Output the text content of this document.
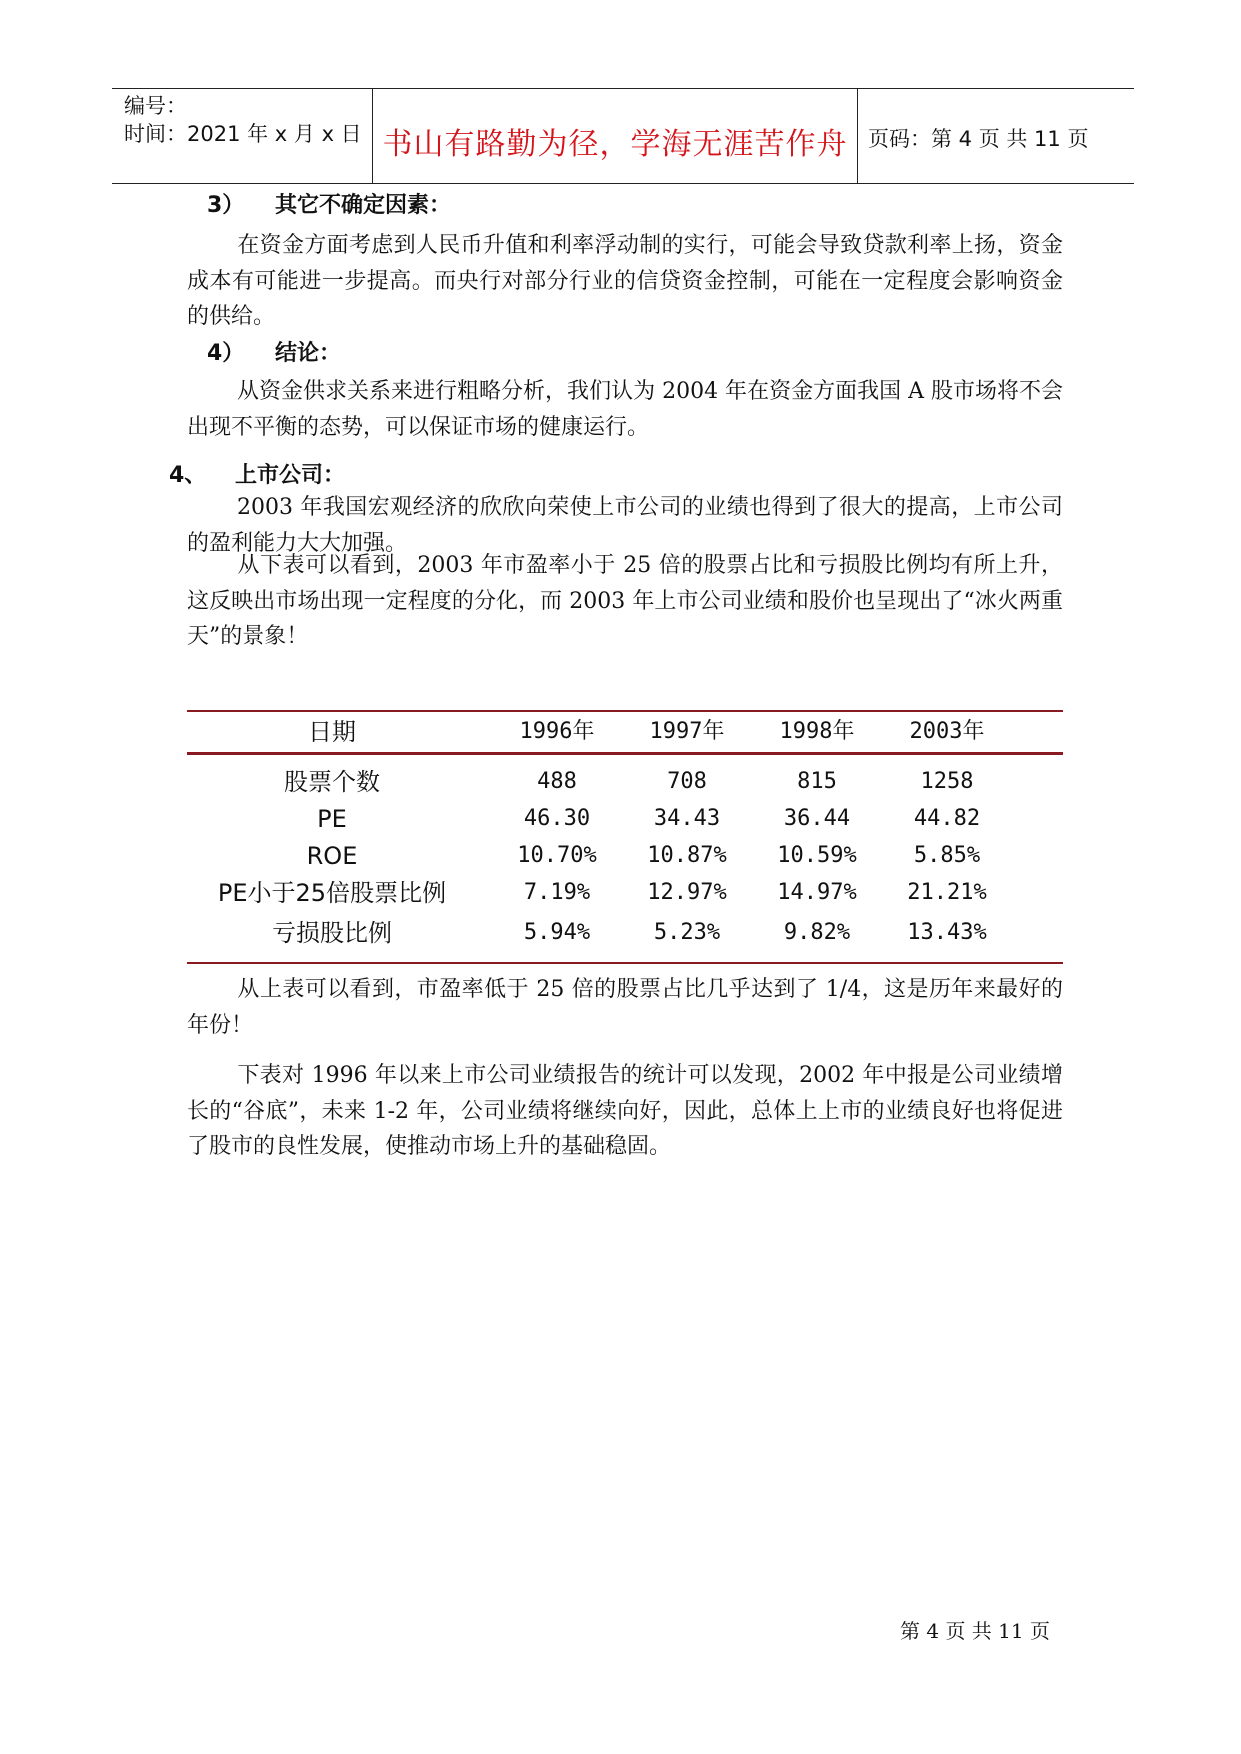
编号：
时间：2021 年 x 月 x 日 书山有路勤为径，学海无涯苦作舟 页码：第 4 页 共 11 页
3） 其它不确定因素：
在资金方面考虑到人民币升值和利率浮动制的实行，可能会导致贷款利率上扬，资金成本有可能进一步提高。而央行对部分行业的信贷资金控制，可能在一定程度会影响资金的供给。
4） 结论：
从资金供求关系来进行粗略分析，我们认为 2004 年在资金方面我国 A 股市场将不会出现不平衡的态势，可以保证市场的健康运行。
4、 上市公司：
2003 年我国宏观经济的欣欣向荣使上市公司的业绩也得到了很大的提高，上市公司的盈利能力大大加强。
从下表可以看到，2003 年市盈率小于 25 倍的股票占比和亏损股比例均有所上升，这反映出市场出现一定程度的分化，而 2003 年上市公司业绩和股价也呈现出了“冰火两重天”的景象！
日期	1996年	1997年	1998年	2003年
股票个数	488	708	815	1258
PE	46.30	34.43	36.44	44.82
ROE	10.70%	10.87%	10.59%	5.85%
PE小于25倍股票比例	7.19%	12.97%	14.97%	21.21%
亏损股比例	5.94%	5.23%	9.82%	13.43%
从上表可以看到，市盈率低于 25 倍的股票占比几乎达到了 1/4，这是历年来最好的年份！
下表对 1996 年以来上市公司业绩报告的统计可以发现，2002 年中报是公司业绩增长的“谷底”，未来 1-2 年，公司业绩将继续向好，因此，总体上上市的业绩良好也将促进了股市的良性发展，使推动市场上升的基础稳固。
第 4 页 共 11 页
